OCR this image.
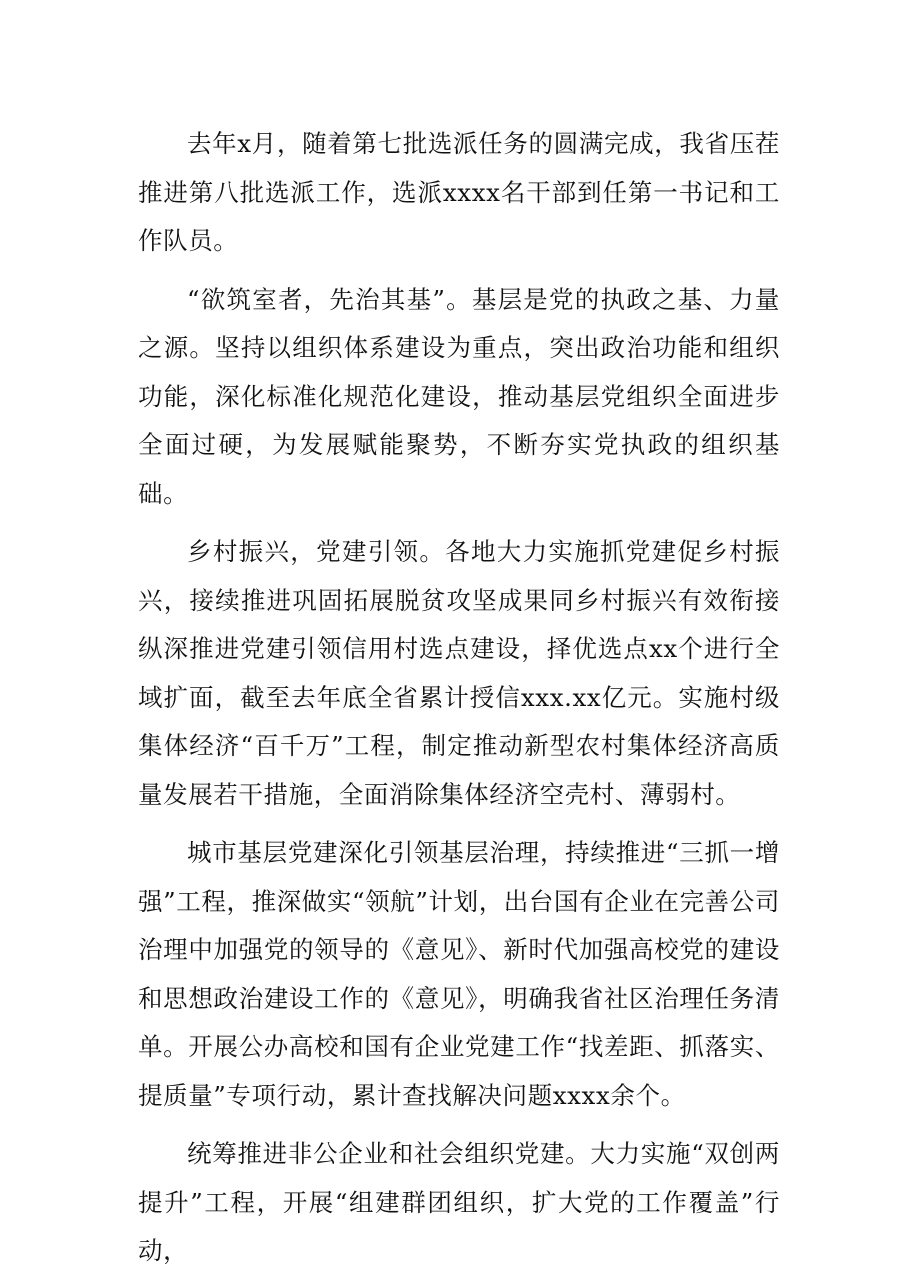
去年x月，随着第七批选派任务的圆满完成，我省压茬推进第八批选派工作，选派xxxx名干部到任第一书记和工作队员。

“欲筑室者，先治其基”。基层是党的执政之基、力量之源。坚持以组织体系建设为重点，突出政治功能和组织功能，深化标准化规范化建设，推动基层党组织全面进步全面过硬，为发展赋能聚势，不断夯实党执政的组织基础。

乡村振兴，党建引领。各地大力实施抓党建促乡村振兴，接续推进巩固拓展脱贫攻坚成果同乡村振兴有效衔接纵深推进党建引领信用村选点建设，择优选点xx个进行全域扩面，截至去年底全省累计授信xxx.xx亿元。实施村级集体经济“百千万”工程，制定推动新型农村集体经济高质量发展若干措施，全面消除集体经济空壳村、薄弱村。

城市基层党建深化引领基层治理，持续推进“三抓一增强”工程，推深做实“领航”计划，出台国有企业在完善公司治理中加强党的领导的《意见》、新时代加强高校党的建设和思想政治建设工作的《意见》，明确我省社区治理任务清单。开展公办高校和国有企业党建工作“找差距、抓落实、提质量”专项行动，累计查找解决问题xxxx余个。

统筹推进非公企业和社会组织党建。大力实施“双创两提升”工程，开展“组建群团组织，扩大党的工作覆盖”行动，
